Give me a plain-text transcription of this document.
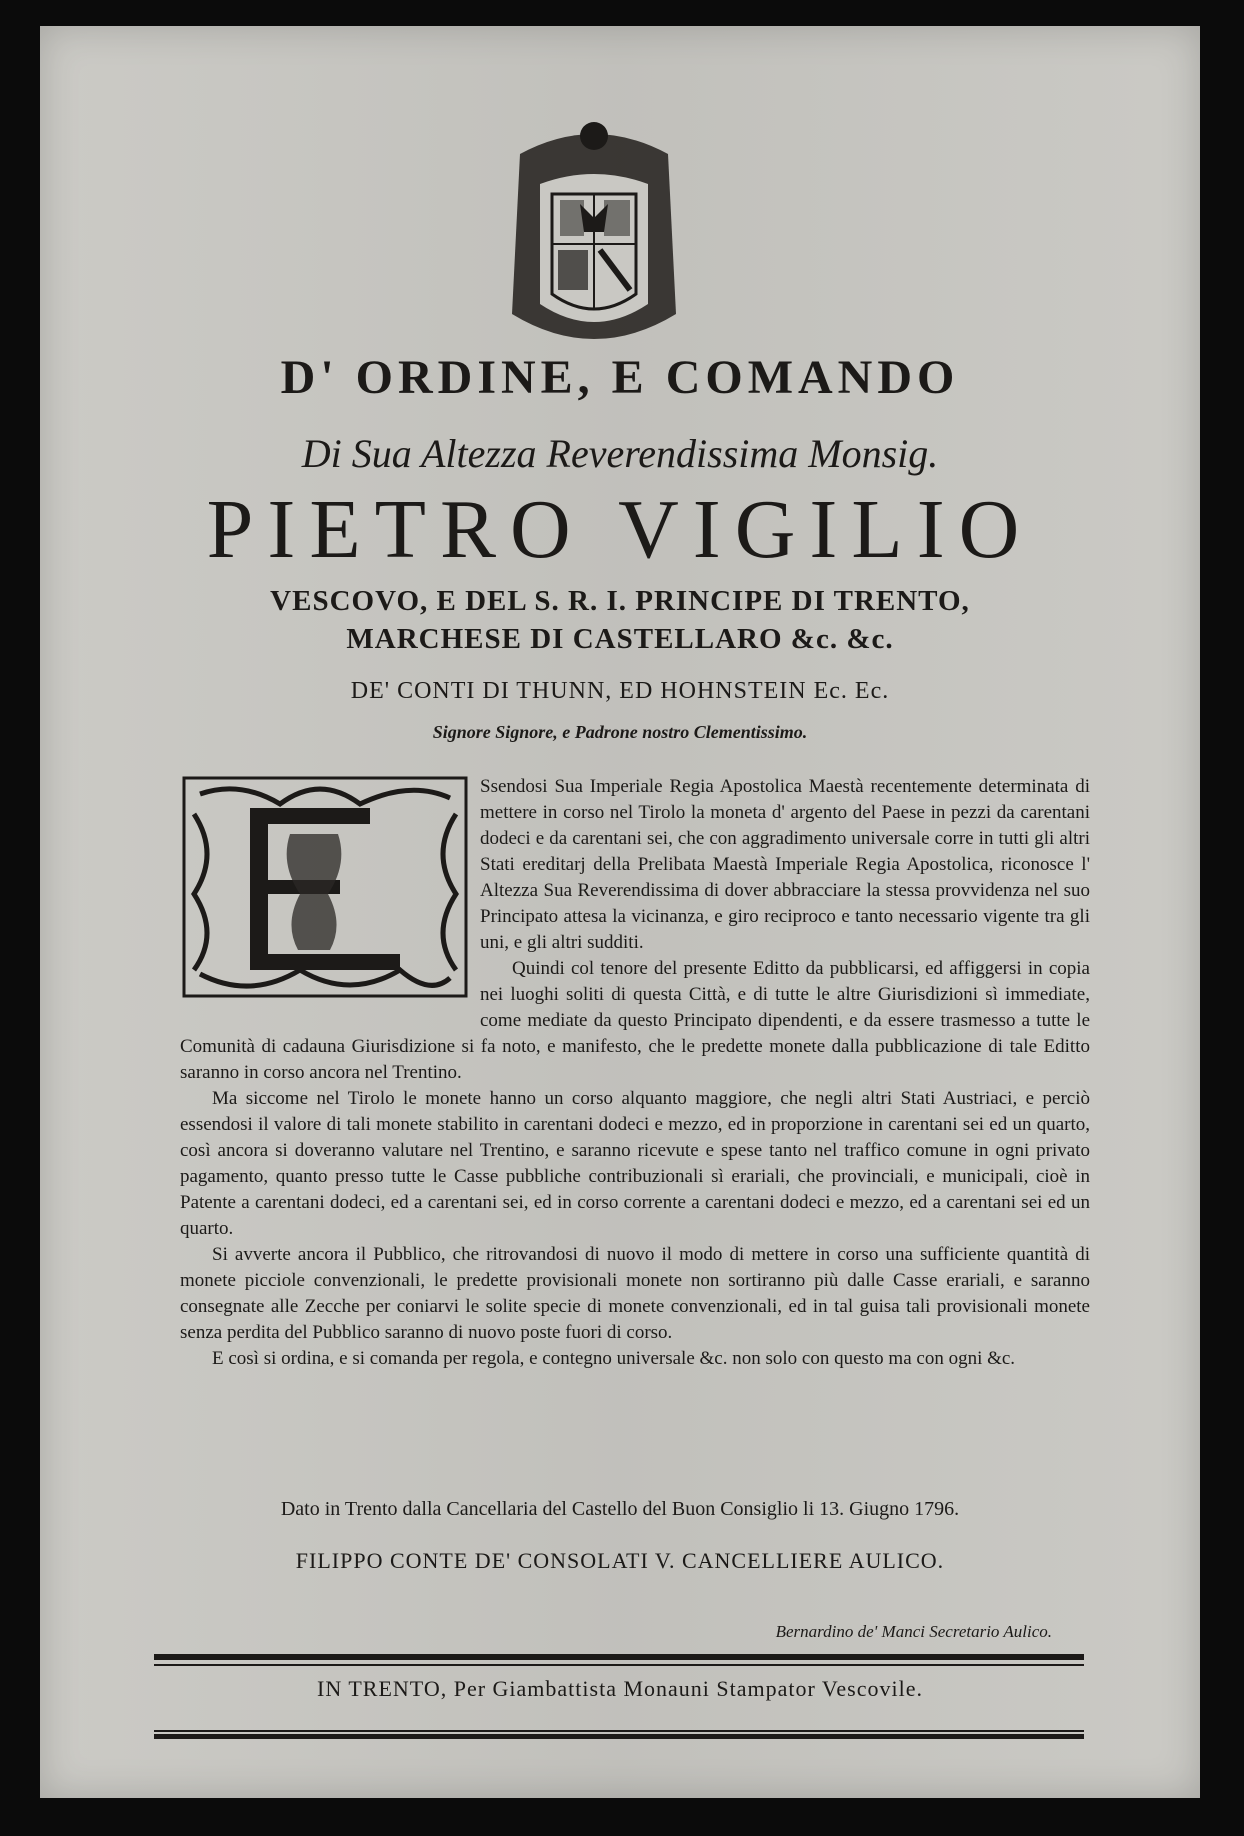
D' ORDINE, E COMANDO
Di Sua Altezza Reverendissima Monsig.
PIETRO VIGILIO
VESCOVO, E DEL S. R. I. PRINCIPE DI TRENTO,
MARCHESE DI CASTELLARO &c. &c.
DE' CONTI DI THUNN, ED HOHNSTEIN Ec. Ec.
Signore Signore, e Padrone nostro Clementissimo.

Ssendosi Sua Imperiale Regia Apostolica Maestà recentemente determinata di mettere in corso nel Tirolo la moneta d' argento del Paese in pezzi da carentani dodeci e da carentani sei, che con aggradimento universale corre in tutti gli altri Stati ereditarj della Prelibata Maestà Imperiale Regia Apostolica, riconosce l' Altezza Sua Reverendissima di dover abbracciare la stessa provvidenza nel suo Principato attesa la vicinanza, e giro reciproco e tanto necessario vigente tra gli uni, e gli altri sudditi.

Quindi col tenore del presente Editto da pubblicarsi, ed affiggersi in copia nei luoghi soliti di questa Città, e di tutte le altre Giurisdizioni sì immediate, come mediate da questo Principato dipendenti, e da essere trasmesso a tutte le Comunità di cadauna Giurisdizione si fa noto, e manifesto, che le predette monete dalla pubblicazione di tale Editto saranno in corso ancora nel Trentino.

Ma siccome nel Tirolo le monete hanno un corso alquanto maggiore, che negli altri Stati Austriaci, e perciò essendosi il valore di tali monete stabilito in carentani dodeci e mezzo, ed in proporzione in carentani sei ed un quarto, così ancora si doveranno valutare nel Trentino, e saranno ricevute e spese tanto nel traffico comune in ogni privato pagamento, quanto presso tutte le Casse pubbliche contribuzionali sì erariali, che provinciali, e municipali, cioè in Patente a carentani dodeci, ed a carentani sei, ed in corso corrente a carentani dodeci e mezzo, ed a carentani sei ed un quarto.

Si avverte ancora il Pubblico, che ritrovandosi di nuovo il modo di mettere in corso una sufficiente quantità di monete picciole convenzionali, le predette provisionali monete non sortiranno più dalle Casse erariali, e saranno consegnate alle Zecche per coniarvi le solite specie di monete convenzionali, ed in tal guisa tali provisionali monete senza perdita del Pubblico saranno di nuovo poste fuori di corso.

E così si ordina, e si comanda per regola, e contegno universale &c. non solo con questo ma con ogni &c.

Dato in Trento dalla Cancellaria del Castello del Buon Consiglio li 13. Giugno 1796.
FILIPPO CONTE DE' CONSOLATI V. CANCELLIERE AULICO.
Bernardino de' Manci Secretario Aulico.
IN TRENTO, Per Giambattista Monauni Stampator Vescovile.
